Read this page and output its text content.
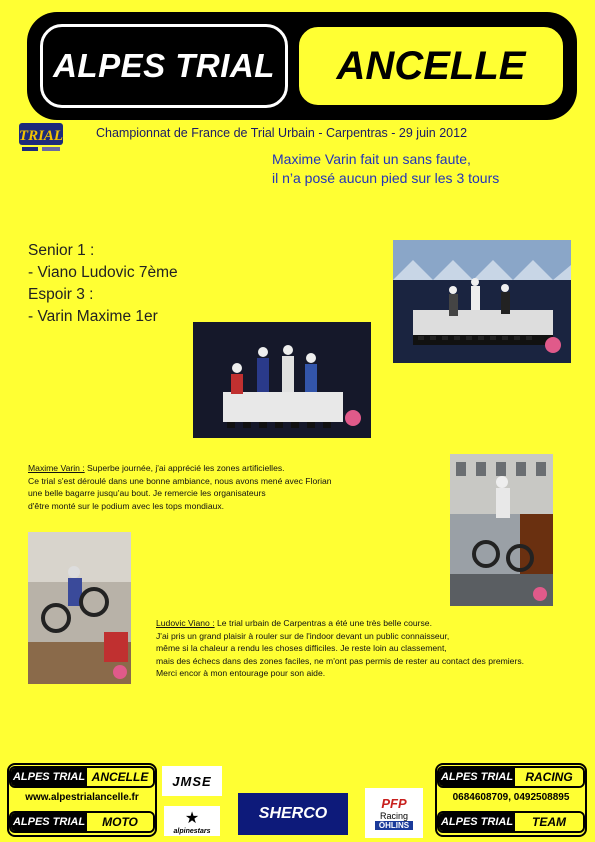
ALPES TRIAL ANCELLE
TRIAL	Championnat de France de Trial Urbain - Carpentras - 29 juin 2012
Maxime Varin fait un sans faute,
il n’a posé aucun pied sur les 3 tours
Senior 1 :
- Viano Ludovic 7ème
Espoir 3 :
- Varin Maxime 1er
Maxime Varin : Superbe journée, j'ai apprécié les zones artificielles.
Ce trial s'est déroulé dans une bonne ambiance, nous avons mené avec Florian
une belle bagarre jusqu'au bout. Je remercie les organisateurs
d'être monté sur le podium avec les tops mondiaux.
Ludovic Viano : Le trial urbain de Carpentras a été une très belle course.
J'ai pris un grand plaisir à rouler sur de l'indoor devant un public connaisseur,
même si la chaleur a rendu les choses difficiles. Je reste loin au classement,
mais des échecs dans des zones faciles, ne m'ont pas permis de rester au contact des premiers.
Merci encor à mon entourage pour son aide.
ALPES TRIAL ANCELLE
www.alpestrialancelle.fr
ALPES TRIAL	MOTO
JMSE
★
alpinestars
SHERCO
PFP
Racing
ÖHLINS
ALPES TRIAL	RACING
0684608709, 0492508895
ALPES TRIAL	TEAM
